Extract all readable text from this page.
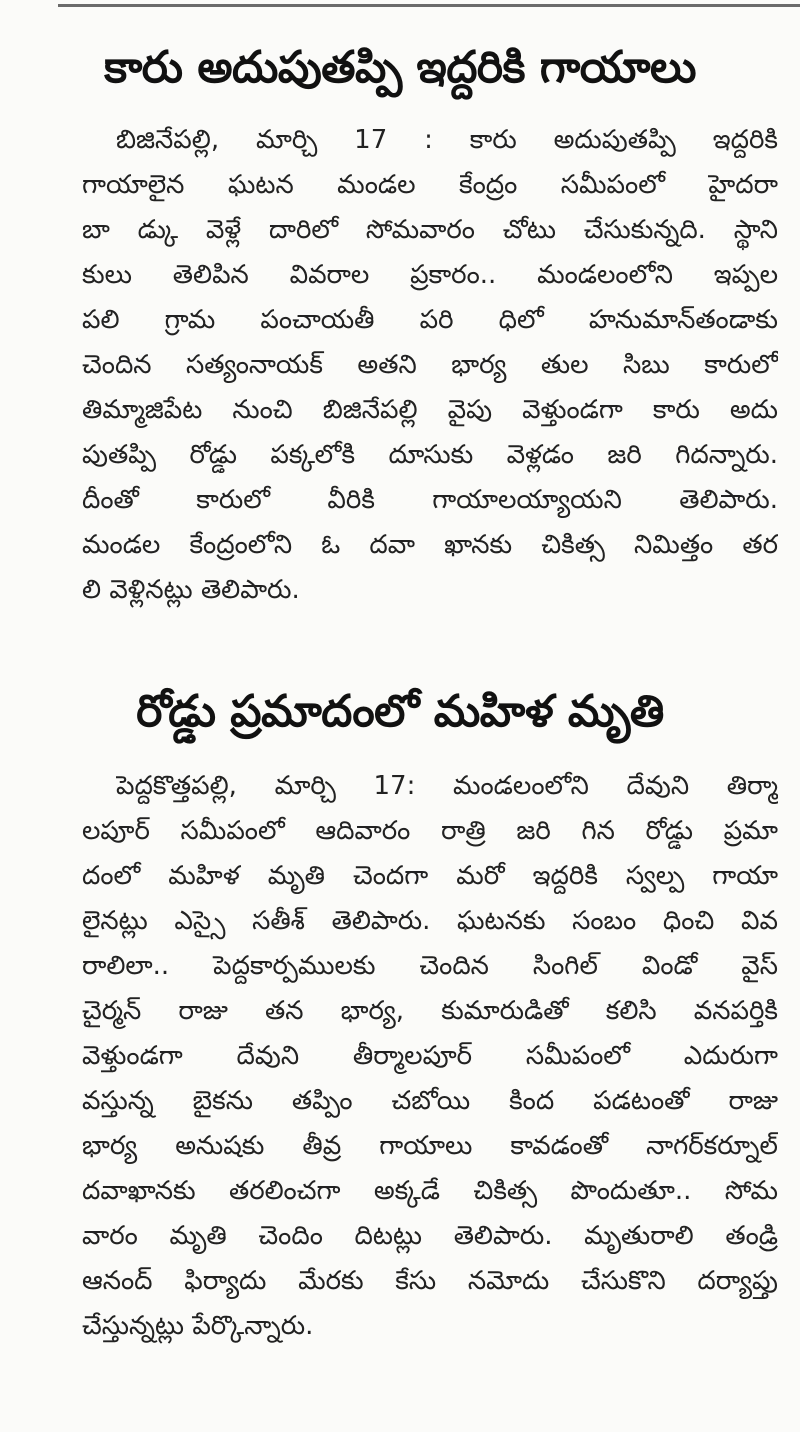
కారు అదుపుతప్పి ఇద్దరికి గాయాలు
బిజినేపల్లి, మార్చి 17 : కారు అదుపుతప్పి ఇద్దరికి
గాయాలైన ఘటన మండల కేంద్రం సమీపంలో హైదరా
బా డ్కు వెళ్లే దారిలో సోమవారం చోటు చేసుకున్నది. స్థాని
కులు తెలిపిన వివరాల ప్రకారం.. మండలంలోని ఇప్పల
పలి గ్రామ పంచాయతీ పరి ధిలో హనుమాన్‌తండాకు
చెందిన సత్యంనాయక్ అతని భార్య తుల సిబు కారులో
తిమ్మాజిపేట నుంచి బిజినేపల్లి వైపు వెళ్తుండగా కారు అదు
పుతప్పి రోడ్డు పక్కలోకి దూసుకు వెళ్లడం జరి గిదన్నారు.
దీంతో కారులో వీరికి గాయాలయ్యాయని తెలిపారు.
మండల కేంద్రంలోని ఓ దవా ఖానకు చికిత్స నిమిత్తం తర
లి వెళ్లినట్లు తెలిపారు.
రోడ్డు ప్రమాదంలో మహిళ మృతి
పెద్దకొత్తపల్లి, మార్చి 17: మండలంలోని దేవుని తిర్మా
లపూర్ సమీపంలో ఆదివారం రాత్రి జరి గిన రోడ్డు ప్రమా
దంలో మహిళ మృతి చెందగా మరో ఇద్దరికి స్వల్ప గాయా
లైనట్లు ఎస్సై సతీశ్ తెలిపారు. ఘటనకు సంబం ధించి వివ
రాలిలా.. పెద్దకార్పములకు చెందిన సింగిల్ విండో వైస్
చైర్మన్ రాజు తన భార్య, కుమారుడితో కలిసి వనపర్తికి
వెళ్తుండగా దేవుని తీర్మాలపూర్ సమీపంలో ఎదురుగా
వస్తున్న బైకను తప్పిం చబోయి కింద పడటంతో రాజు
భార్య అనుషకు తీవ్ర గాయాలు కావడంతో నాగర్‌కర్నూల్
దవాఖానకు తరలించగా అక్కడే చికిత్స పొందుతూ.. సోమ
వారం మృతి చెందిం దిటట్లు తెలిపారు. మృతురాలి తండ్రి
ఆనంద్ ఫిర్యాదు మేరకు కేసు నమోదు చేసుకొని దర్యాప్తు
చేస్తున్నట్లు పేర్కొన్నారు.
